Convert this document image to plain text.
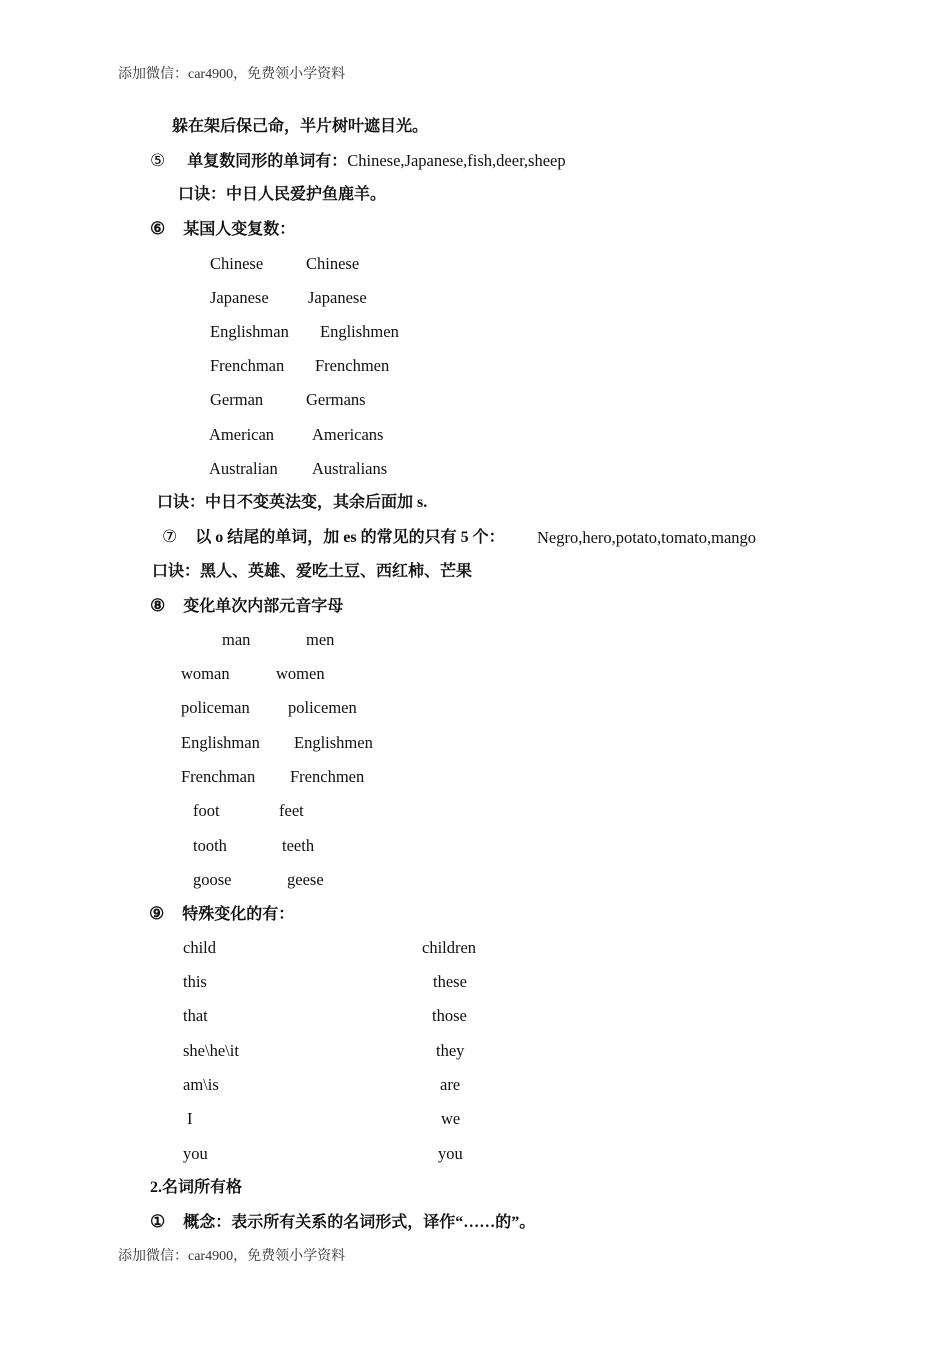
添加微信：car4900，免费领小学资料
躲在架后保己命，半片树叶遮目光。
⑤ 单复数同形的单词有：Chinese,Japanese,fish,deer,sheep
口诀：中日人民爱护鱼鹿羊。
⑥ 某国人变复数：
Chinese	Chinese
Japanese Japanese
Englishman Englishmen
Frenchman Frenchmen
German	Germans
American Americans
Australian Australians
口诀：中日不变英法变，其余后面加 s.
⑦ 以 o 结尾的单词，加 es 的常见的只有 5 个： Negro,hero,potato,tomato,mango
口诀：黑人、英雄、爱吃土豆、西红柿、芒果
⑧ 变化单次内部元音字母
man	men
woman	women
policeman policemen
Englishman Englishmen
Frenchman Frenchmen
foot	feet
tooth	teeth
goose	geese
⑨ 特殊变化的有：
child	children
this	these
that	those
she\he\it	they
am\is	are
I	we
you	you
2.名词所有格
① 概念：表示所有关系的名词形式，译作“……的”。
添加微信：car4900，免费领小学资料
